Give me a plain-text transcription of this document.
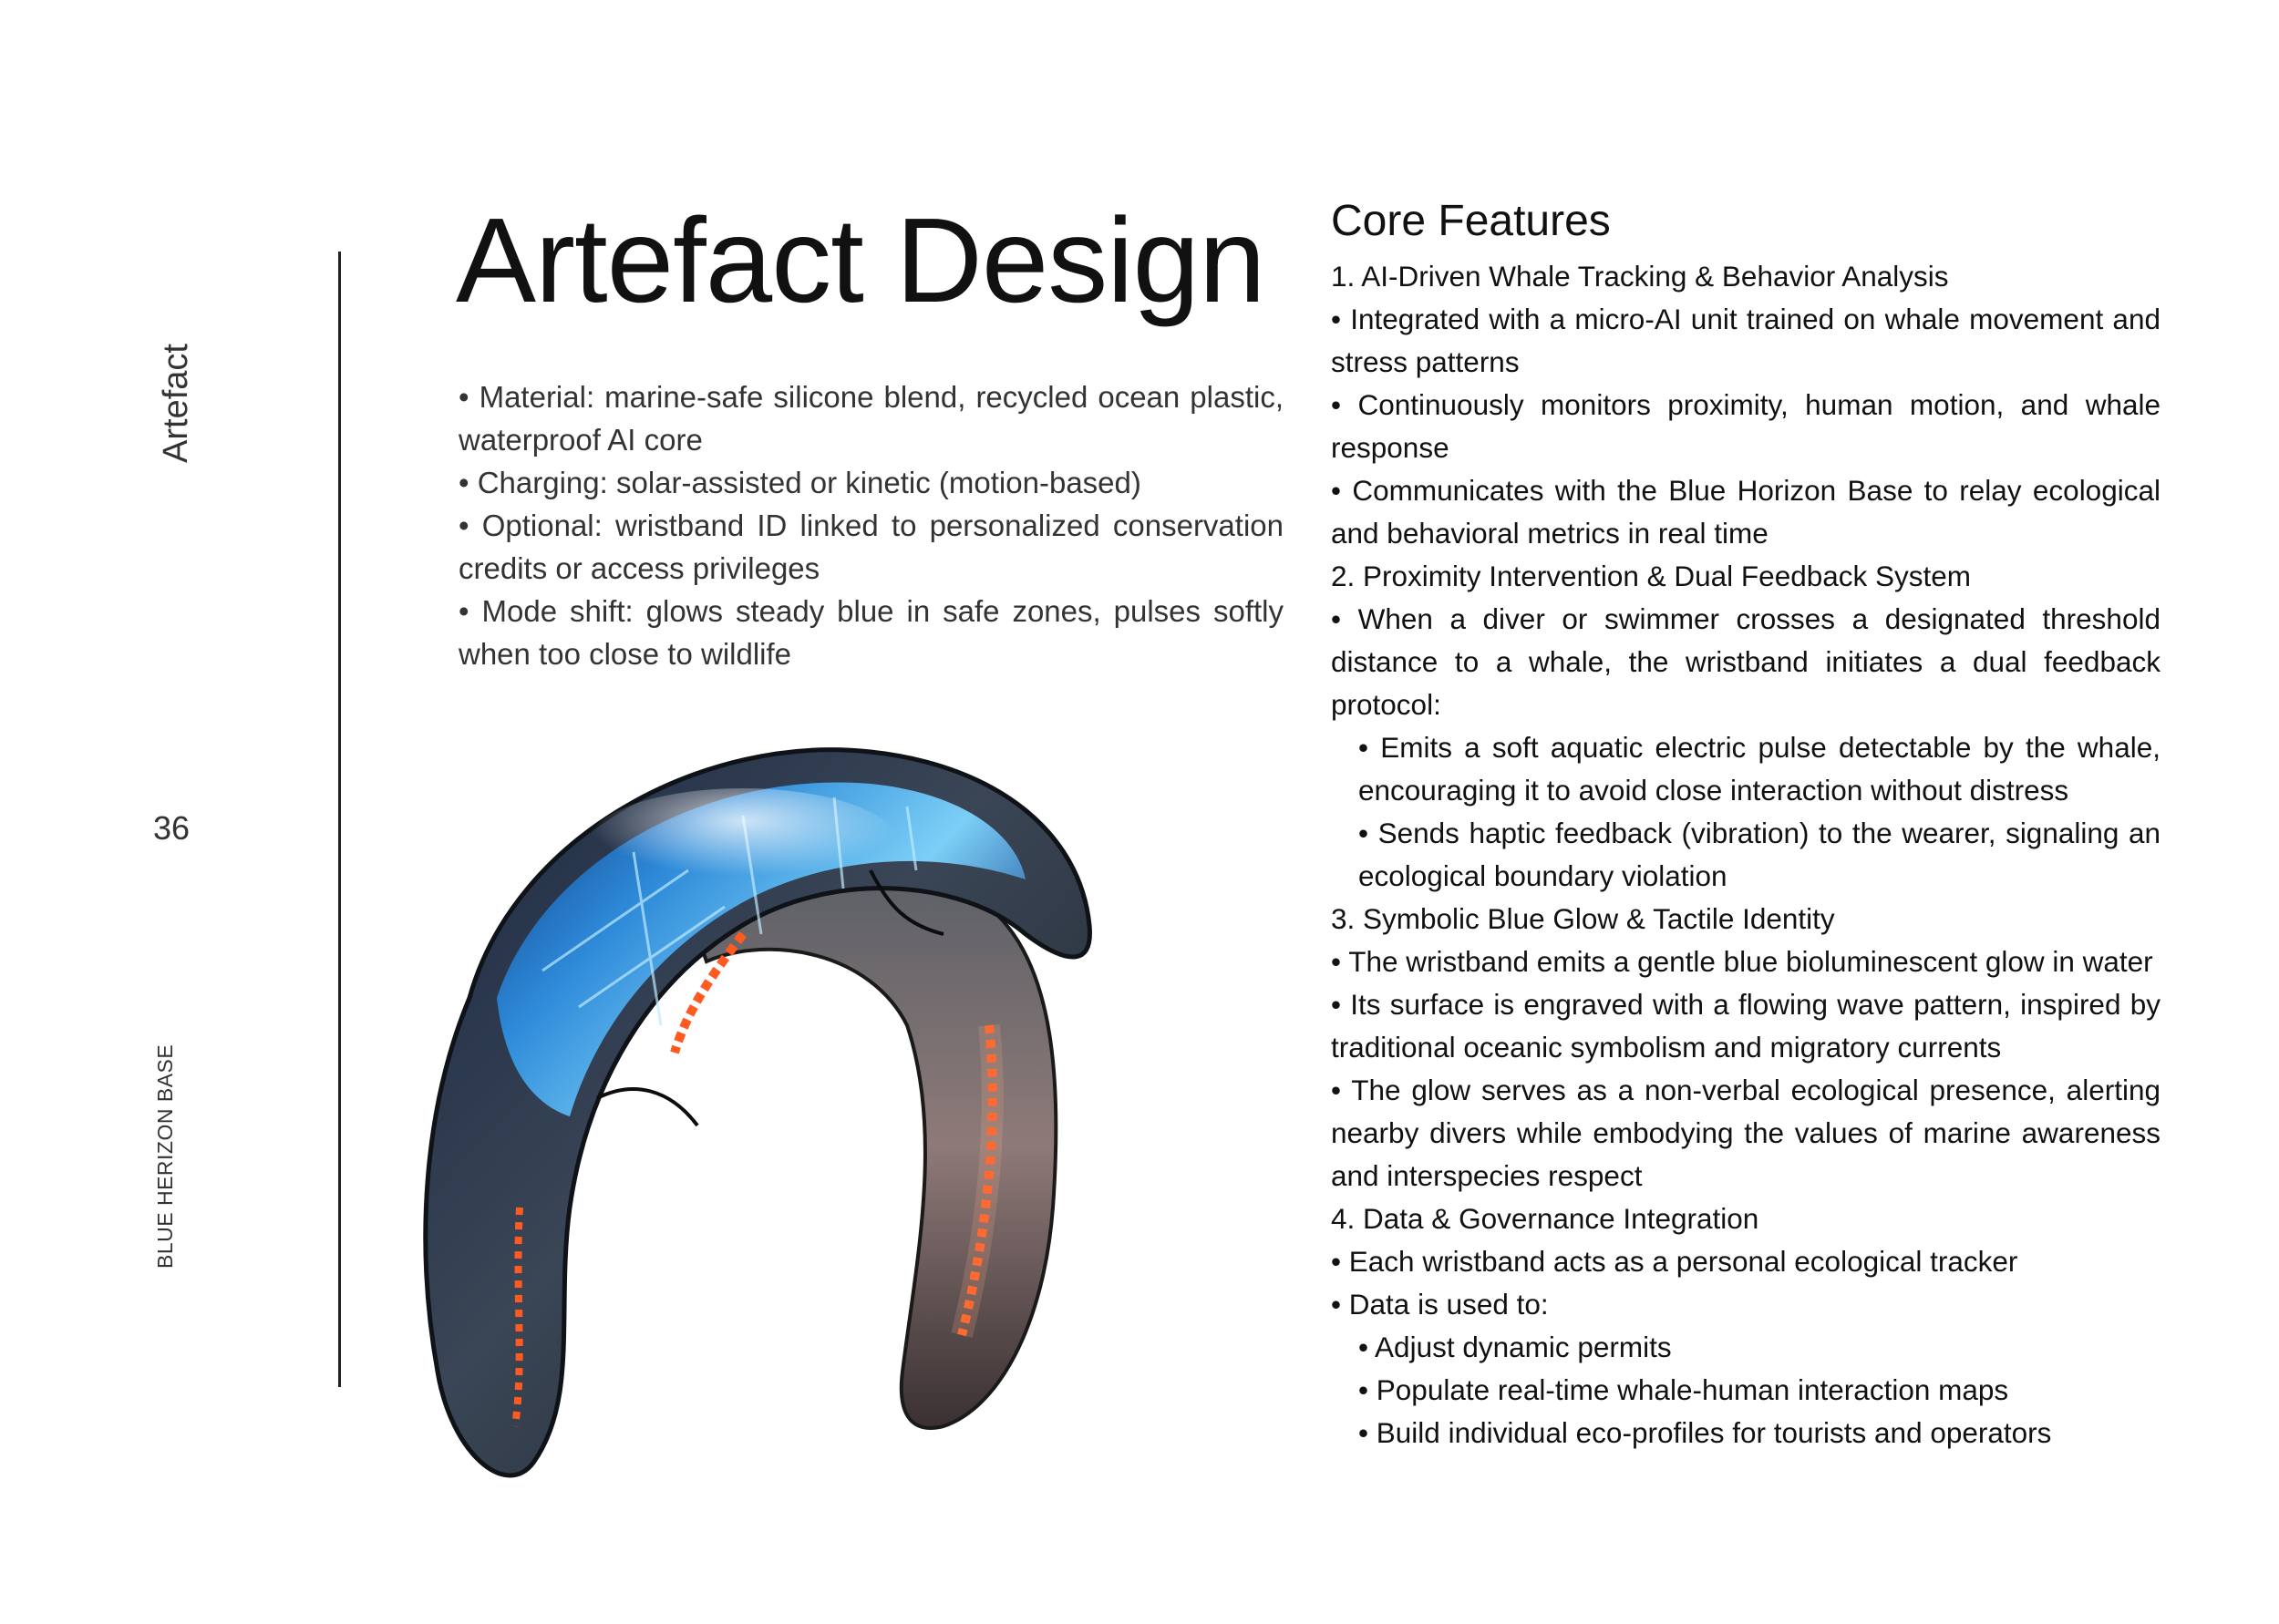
Artefact
36
BLUE HERIZON BASE
Artefact Design

• Material: marine-safe silicone blend, recycled ocean plastic, waterproof AI core

• Charging: solar-assisted or kinetic (motion-based)

• Optional: wristband ID linked to personalized conservation credits or access privileges

• Mode shift: glows steady blue in safe zones, pulses softly when too close to wildlife

Core Features

1. AI-Driven Whale Tracking & Behavior Analysis

• Integrated with a micro-AI unit trained on whale movement and stress patterns

• Continuously monitors proximity, human motion, and whale response

• Communicates with the Blue Horizon Base to relay ecological and behavioral metrics in real time

2. Proximity Intervention & Dual Feedback System

• When a diver or swimmer crosses a designated threshold distance to a whale, the wristband initiates a dual feedback protocol:

• Emits a soft aquatic electric pulse detectable by the whale, encouraging it to avoid close interaction without distress

• Sends haptic feedback (vibration) to the wearer, signaling an ecological boundary violation

3. Symbolic Blue Glow & Tactile Identity

• The wristband emits a gentle blue bioluminescent glow in water

• Its surface is engraved with a flowing wave pattern, inspired by traditional oceanic symbolism and migratory currents

• The glow serves as a non-verbal ecological presence, alerting nearby divers while embodying the values of marine awareness and interspecies respect

4. Data & Governance Integration

• Each wristband acts as a personal ecological tracker

• Data is used to:

• Adjust dynamic permits

• Populate real-time whale-human interaction maps

• Build individual eco-profiles for tourists and operators
